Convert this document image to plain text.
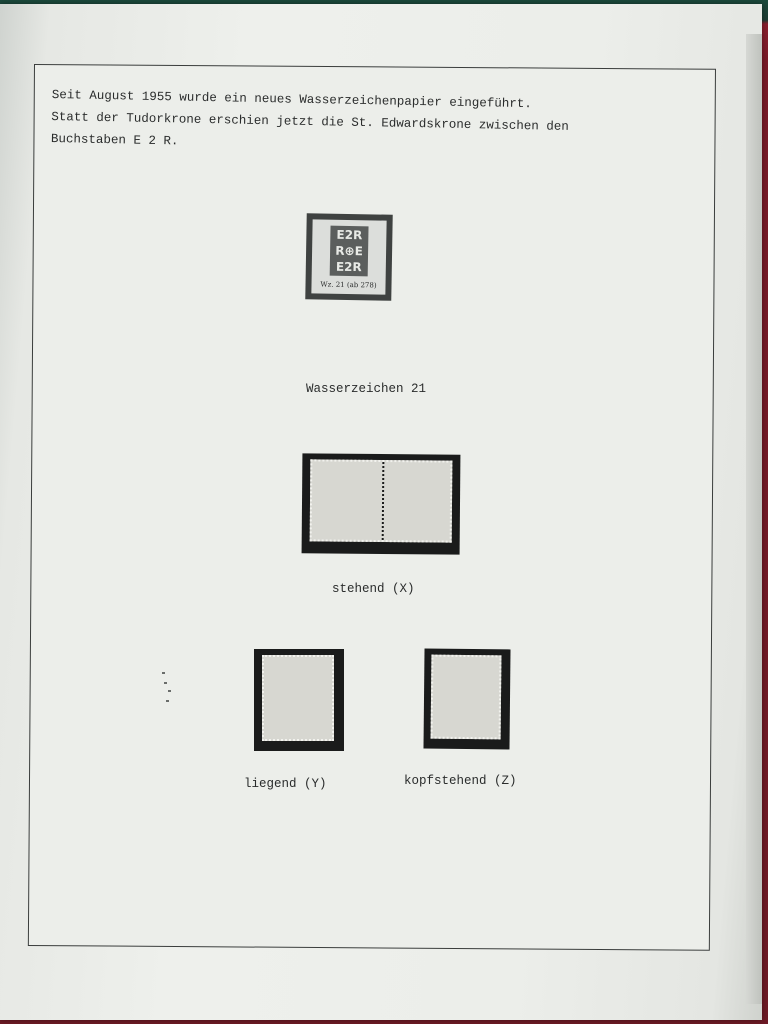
Seit August 1955 wurde ein neues Wasserzeichenpapier eingeführt.
Statt der Tudorkrone erschien jetzt die St. Edwardskrone zwischen den
Buchstaben E 2 R.
E2R
R⊕E
E2R
Wz. 21 (ab 278)
Wasserzeichen 21
stehend (X)
liegend (Y)	kopfstehend (Z)
